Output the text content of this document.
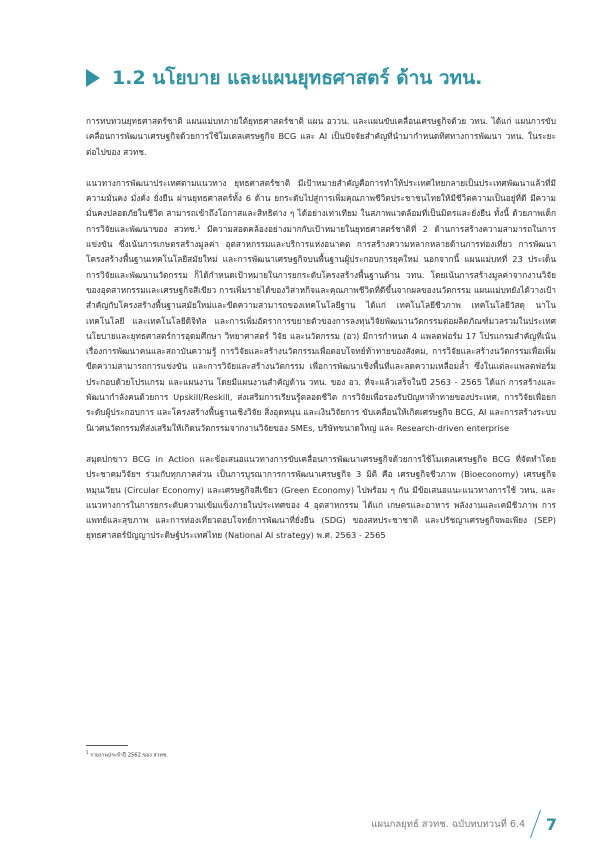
1.2 นโยบาย และแผนยุทธศาสตร์ ด้าน วทน.

การทบทวนยุทธศาสตร์ชาติ แผนแม่บทภายใต้ยุทธศาสตร์ชาติ แผน อววน. และแผนขับเคลื่อนเศรษฐกิจด้วย วทน. ได้แก่ แผนการขับเคลื่อนการพัฒนาเศรษฐกิจด้วยการใช้โมเดลเศรษฐกิจ BCG และ AI เป็นปัจจัยสำคัญที่นำมากำหนดทิศทางการพัฒนา วทน. ในระยะต่อไปของ สวทช.

แนวทางการพัฒนาประเทศตามแนวทาง ยุทธศาสตร์ชาติ มีเป้าหมายสำคัญคือการทำให้ประเทศไทยกลายเป็นประเทศพัฒนาแล้วที่มีความมั่นคง มั่งคั่ง ยั่งยืน ผ่านยุทธศาสตร์ทั้ง 6 ด้าน ยกระดับไปสู่การเพิ่มคุณภาพชีวิตประชาชนไทยให้มีชีวิตความเป็นอยู่ที่ดี มีความมั่นคงปลอดภัยในชีวิต สามารถเข้าถึงโอกาสและสิทธิต่าง ๆ ได้อย่างเท่าเทียม ในสภาพแวดล้อมที่เป็นมิตรและยั่งยืน ทั้งนี้ ด้วยภาพเด็กการวิจัยและพัฒนาของ สวทช.¹ มีความสอดคล้องอย่างมากกับเป้าหมายในยุทธศาสตร์ชาติที่ 2 ด้านการสร้างความสามารถในการแข่งขัน ซึ่งเน้นการเกษตรสร้างมูลค่า อุตสาหกรรมและบริการแห่งอนาคต การสร้างความหลากหลายด้านการท่องเที่ยว การพัฒนาโครงสร้างพื้นฐานเทคโนโลยีสมัยใหม่ และการพัฒนาเศรษฐกิจบนพื้นฐานผู้ประกอบการยุคใหม่ นอกจากนี้ แผนแม่บทที่ 23 ประเด็นการวิจัยและพัฒนานวัตกรรม ก็ได้กำหนดเป้าหมายในการยกระดับโครงสร้างพื้นฐานด้าน วทน. โดยเน้นการสร้างมูลค่าจากงานวิจัยของอุตสาหกรรมและเศรษฐกิจสีเขียว การเพิ่มรายได้ของวิสาหกิจและคุณภาพชีวิตที่ดีขึ้นจากผลของนวัตกรรม แผนแม่บทยังได้วางเป้าสำคัญกับโครงสร้างพื้นฐานสมัยใหม่และขีดความสามารถของเทคโนโลยีฐาน ได้แก่ เทคโนโลยีชีวภาพ เทคโนโลยีวัสดุ นาโนเทคโนโลยี และเทคโนโลยีดิจิทัล และการเพิ่มอัตราการขยายตัวของการลงทุนวิจัยพัฒนานวัตกรรมต่อผลิตภัณฑ์มวลรวมในประเทศ นโยบายและยุทธศาสตร์การอุดมศึกษา วิทยาศาสตร์ วิจัย และนวัตกรรม (อว) มีการกำหนด 4 แพลตฟอร์ม 17 โปรแกรมสำคัญที่เน้นเรื่องการพัฒนาคนและสถาบันความรู้ การวิจัยและสร้างนวัตกรรมเพื่อตอบโจทย์ท้าทายของสังคม, การวิจัยและสร้างนวัตกรรมเพื่อเพิ่มขีดความสามารถการแข่งขัน และการวิจัยและสร้างนวัตกรรม เพื่อการพัฒนาเชิงพื้นที่และลดความเหลื่อมล้ำ ซึ่งในแต่ละแพลตฟอร์มประกอบด้วยโปรแกรม และแผนงาน โดยมีแผนงานสำคัญด้าน วทน. ของ อว. ที่จะแล้วเสร็จในปี 2563 - 2565 ได้แก่ การสร้างและพัฒนากำลังคนด้วยการ Upskill/Reskill, ส่งเสริมการเรียนรู้ตลอดชีวิต การวิจัยเพื่อรองรับปัญหาท้าทายของประเทศ, การวิจัยเพื่อยกระดับผู้ประกอบการ และโครงสร้างพื้นฐานเชิงวิจัย สิ่งอุดหนุน และเงินวิจัยการ ขับเคลื่อนให้เกิดเศรษฐกิจ BCG, AI และการสร้างระบบนิเวศนวัตกรรมที่ส่งเสริมให้เกิดนวัตกรรมจากงานวิจัยของ SMEs, บริษัทขนาดใหญ่ และ Research-driven enterprise

สมุดปกขาว BCG in Action และข้อเสนอแนวทางการขับเคลื่อนการพัฒนาเศรษฐกิจด้วยการใช้โมเดลเศรษฐกิจ BCG ที่จัดทำโดยประชาคมวิจัยฯ ร่วมกับทุกภาคส่วน เป็นการบูรณาการการพัฒนาเศรษฐกิจ 3 มิติ คือ เศรษฐกิจชีวภาพ (Bioeconomy) เศรษฐกิจหมุนเวียน (Circular Economy) และเศรษฐกิจสีเขียว (Green Economy) ไปพร้อม ๆ กัน มีข้อเสนอแนะแนวทางการใช้ วทน. และแนวทางการในการยกระดับความเข้มแข็งภายในประเทศของ 4 อุตสาหกรรม ได้แก่ เกษตรและอาหาร พลังงานและเคมีชีวภาพ การแพทย์และสุขภาพ และการท่องเที่ยวตอบโจทย์การพัฒนาที่ยั่งยืน (SDG) ของสหประชาชาติ และปรัชญาเศรษฐกิจพอเพียง (SEP) ยุทธศาสตร์ปัญญาประดิษฐ์ประเทศไทย (National AI strategy) พ.ศ. 2563 - 2565

$^1$ รายงานประจำปี 2562 ของ สวทช.
แผนกลยุทธ์ สวทช. ฉบับทบทวนที่ 6.4 7
